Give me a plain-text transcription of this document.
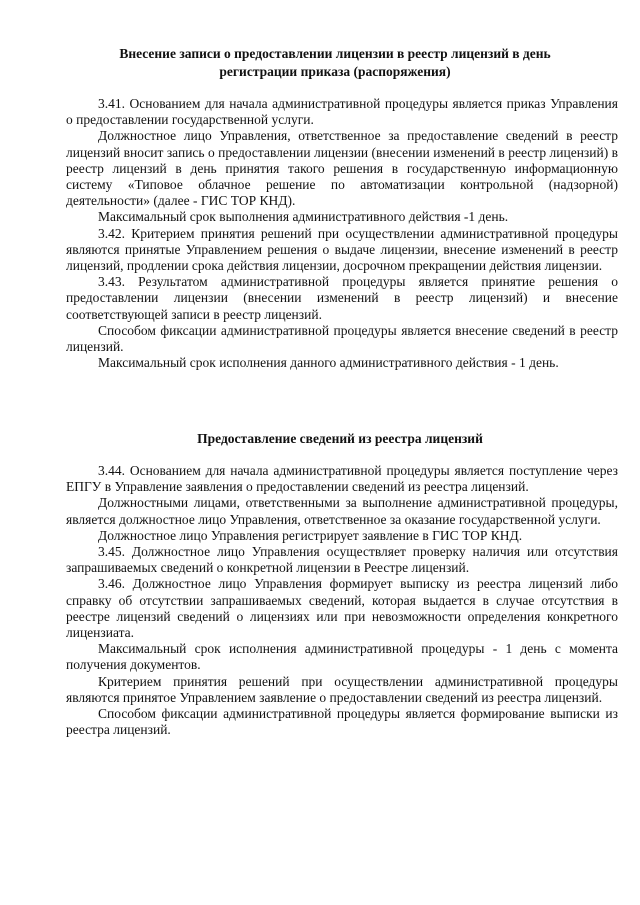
Внесение записи о предоставлении лицензии в реестр лицензий в день регистрации приказа (распоряжения)

3.41. Основанием для начала административной процедуры является приказ Управления о предоставлении государственной услуги.

Должностное лицо Управления, ответственное за предоставление сведений в реестр лицензий вносит запись о предоставлении лицензии (внесении изменений в реестр лицензий) в реестр лицензий в день принятия такого решения в государственную информационную систему «Типовое облачное решение по автоматизации контрольной (надзорной) деятельности» (далее - ГИС ТОР КНД).

Максимальный срок выполнения административного действия -1 день.

3.42. Критерием принятия решений при осуществлении административной процедуры являются принятые Управлением решения о выдаче лицензии, внесение изменений в реестр лицензий, продлении срока действия лицензии, досрочном прекращении действия лицензии.

3.43. Результатом административной процедуры является принятие решения о предоставлении лицензии (внесении изменений в реестр лицензий) и внесение соответствующей записи в реестр лицензий.

Способом фиксации административной процедуры является внесение сведений в реестр лицензий.

Максимальный срок исполнения данного административного действия - 1 день.

Предоставление сведений из реестра лицензий

3.44. Основанием для начала административной процедуры является поступление через ЕПГУ в Управление заявления о предоставлении сведений из реестра лицензий.

Должностными лицами, ответственными за выполнение административной процедуры, является должностное лицо Управления, ответственное за оказание государственной услуги.

Должностное лицо Управления регистрирует заявление в ГИС ТОР КНД.

3.45. Должностное лицо Управления осуществляет проверку наличия или отсутствия запрашиваемых сведений о конкретной лицензии в Реестре лицензий.

3.46. Должностное лицо Управления формирует выписку из реестра лицензий либо справку об отсутствии запрашиваемых сведений, которая выдается в случае отсутствия в реестре лицензий сведений о лицензиях или при невозможности определения конкретного лицензиата.

Максимальный срок исполнения административной процедуры - 1 день с момента получения документов.

Критерием принятия решений при осуществлении административной процедуры являются принятое Управлением заявление о предоставлении сведений из реестра лицензий.

Способом фиксации административной процедуры является формирование выписки из реестра лицензий.
